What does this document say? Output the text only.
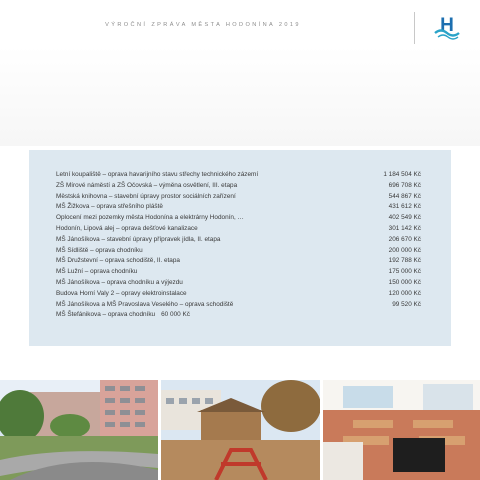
VÝROČNÍ ZPRÁVA MĚSTA HODONÍNA 2019	H
Letní koupaliště – oprava havarijního stavu střechy technického zázemí	1 184 504 Kč
ZŠ Mírové náměstí a ZŠ Očovská – výměna osvětlení, III. etapa	696 708 Kč
Městská knihovna – stavební úpravy prostor sociálních zařízení	544 867 Kč
MŠ Žižkova – oprava střešního pláště	431 612 Kč
Oplocení mezi pozemky města Hodonína a elektrárny Hodonín, …	402 549 Kč
Hodonín, Lipová alej – oprava dešťové kanalizace	301 142 Kč
MŠ Jánošíkova – stavební úpravy přípravek jídla, II. etapa	206 670 Kč
MŠ Sídliště – oprava chodníku	200 000 Kč
MŠ Družstevní – oprava schodiště, II. etapa	192 788 Kč
MŠ Lužní – oprava chodníku	175 000 Kč
MŠ Jánošíkova – oprava chodníku a výjezdu	150 000 Kč
Budova Horní Valy 2 – opravy elektroinstalace	120 000 Kč
MŠ Jánošíkova a MŠ Pravoslava Veselého – oprava schodiště	99 520 Kč
MŠ Štefánikova – oprava chodníku 60 000 Kč
